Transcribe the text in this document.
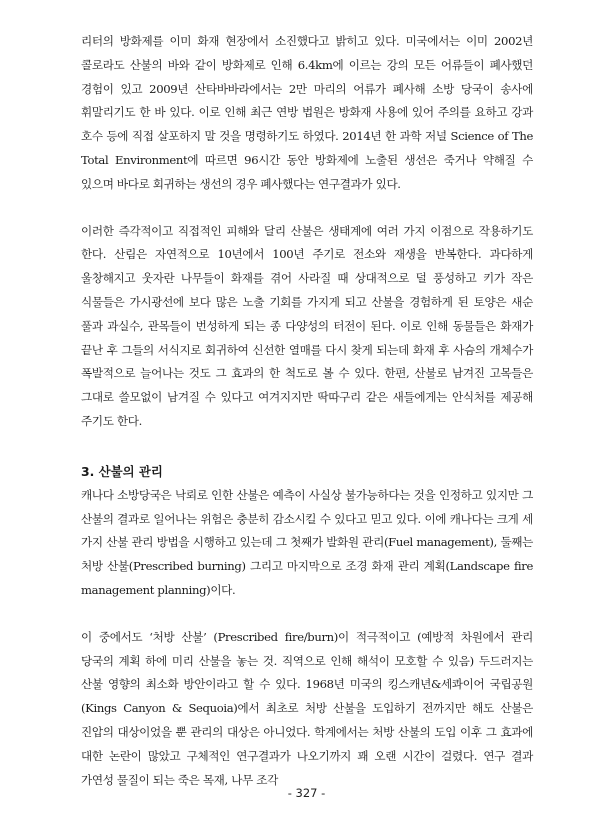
리터의 방화제를 이미 화재 현장에서 소진했다고 밝히고 있다. 미국에서는 이미 2002년 콜로라도 산불의 바와 같이 방화제로 인해 6.4km에 이르는 강의 모든 어류들이 폐사했던 경험이 있고 2009년 산타바바라에서는 2만 마리의 어류가 폐사해 소방 당국이 송사에 휘말리기도 한 바 있다. 이로 인해 최근 연방 법원은 방화재 사용에 있어 주의를 요하고 강과 호수 등에 직접 살포하지 말 것을 명령하기도 하였다. 2014년 한 과학 저널 Science of The Total Environment에 따르면 96시간 동안 방화제에 노출된 생선은 죽거나 약해질 수 있으며 바다로 회귀하는 생선의 경우 폐사했다는 연구결과가 있다.

이러한 즉각적이고 직접적인 피해와 달리 산불은 생태계에 여러 가지 이점으로 작용하기도 한다. 산림은 자연적으로 10년에서 100년 주기로 전소와 재생을 반복한다. 과다하게 울창해지고 웃자란 나무들이 화재를 겪어 사라질 때 상대적으로 덜 풍성하고 키가 작은 식물들은 가시광선에 보다 많은 노출 기회를 가지게 되고 산불을 경험하게 된 토양은 새순 풀과 과실수, 관목들이 번성하게 되는 종 다양성의 터전이 된다. 이로 인해 동물들은 화재가 끝난 후 그들의 서식지로 회귀하여 신선한 열매를 다시 찾게 되는데 화재 후 사슴의 개체수가 폭발적으로 늘어나는 것도 그 효과의 한 척도로 볼 수 있다. 한편, 산불로 남겨진 고목들은 그대로 쓸모없이 남겨질 수 있다고 여겨지지만 딱따구리 같은 새들에게는 안식처를 제공해 주기도 한다.

3. 산불의 관리

캐나다 소방당국은 낙뢰로 인한 산불은 예측이 사실상 불가능하다는 것을 인정하고 있지만 그 산불의 결과로 일어나는 위험은 충분히 감소시킬 수 있다고 믿고 있다. 이에 캐나다는 크게 세 가지 산불 관리 방법을 시행하고 있는데 그 첫째가 발화원 관리(Fuel management), 둘째는 처방 산불(Prescribed burning) 그리고 마지막으로 조경 화재 관리 계획(Landscape fire management planning)이다.

이 중에서도 ‘처방 산불’ (Prescribed fire/burn)이 적극적이고 (예방적 차원에서 관리 당국의 계획 하에 미리 산불을 놓는 것. 직역으로 인해 해석이 모호할 수 있음) 두드러지는 산불 영향의 최소화 방안이라고 할 수 있다. 1968년 미국의 킹스캐년&세콰이어 국립공원(Kings Canyon & Sequoia)에서 최초로 처방 산불을 도입하기 전까지만 해도 산불은 진압의 대상이었을 뿐 관리의 대상은 아니었다. 학계에서는 처방 산불의 도입 이후 그 효과에 대한 논란이 많았고 구체적인 연구결과가 나오기까지 꽤 오랜 시간이 걸렸다. 연구 결과 가연성 물질이 되는 죽은 목재, 나무 조각

- 327 -
